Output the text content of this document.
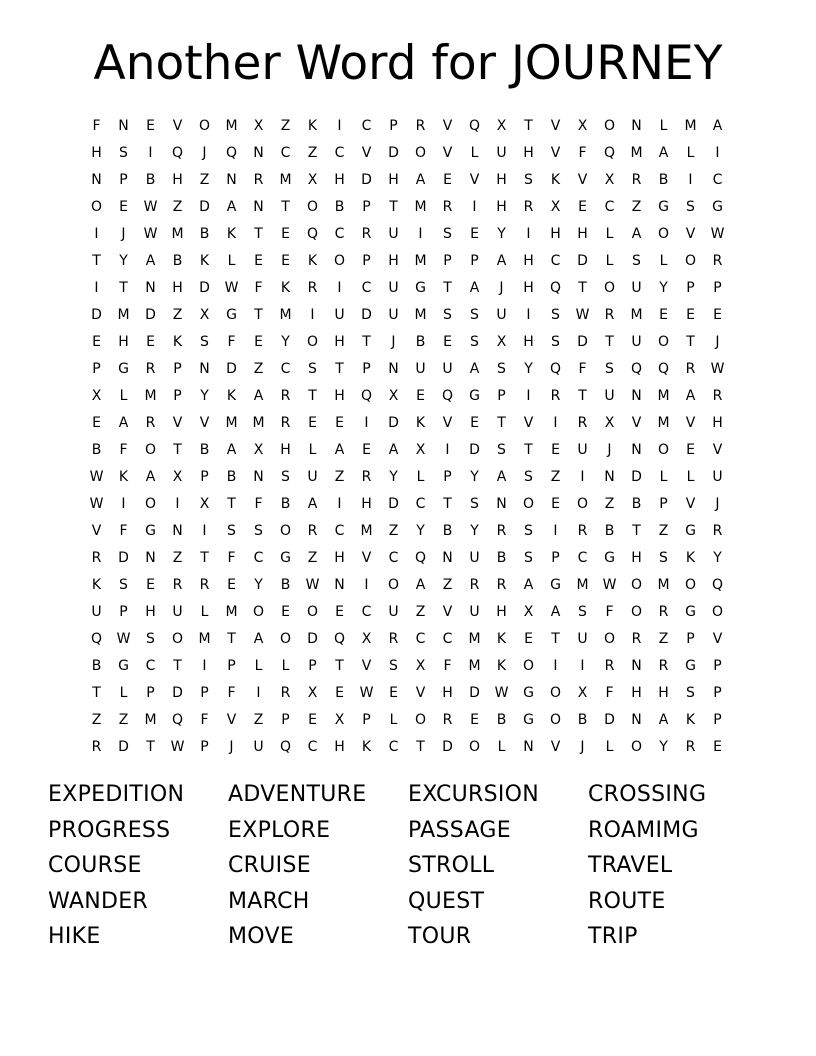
Another Word for JOURNEY
F	N	E	V	O	M	X	Z	K	I	C	P	R	V	Q	X	T	V	X	O	N	L	M	A
H	S	I	Q	J	Q	N	C	Z	C	V	D	O	V	L	U	H	V	F	Q	M	A	L	I
N	P	B	H	Z	N	R	M	X	H	D	H	A	E	V	H	S	K	V	X	R	B	I	C
O	E	W	Z	D	A	N	T	O	B	P	T	M	R	I	H	R	X	E	C	Z	G	S	G
I	J	W	M	B	K	T	E	Q	C	R	U	I	S	E	Y	I	H	H	L	A	O	V	W
T	Y	A	B	K	L	E	E	K	O	P	H	M	P	P	A	H	C	D	L	S	L	O	R
I	T	N	H	D	W	F	K	R	I	C	U	G	T	A	J	H	Q	T	O	U	Y	P	P
D	M	D	Z	X	G	T	M	I	U	D	U	M	S	S	U	I	S	W	R	M	E	E	E
E	H	E	K	S	F	E	Y	O	H	T	J	B	E	S	X	H	S	D	T	U	O	T	J
P	G	R	P	N	D	Z	C	S	T	P	N	U	U	A	S	Y	Q	F	S	Q	Q	R	W
X	L	M	P	Y	K	A	R	T	H	Q	X	E	Q	G	P	I	R	T	U	N	M	A	R
E	A	R	V	V	M	M	R	E	E	I	D	K	V	E	T	V	I	R	X	V	M	V	H
B	F	O	T	B	A	X	H	L	A	E	A	X	I	D	S	T	E	U	J	N	O	E	V
W	K	A	X	P	B	N	S	U	Z	R	Y	L	P	Y	A	S	Z	I	N	D	L	L	U
W	I	O	I	X	T	F	B	A	I	H	D	C	T	S	N	O	E	O	Z	B	P	V	J
V	F	G	N	I	S	S	O	R	C	M	Z	Y	B	Y	R	S	I	R	B	T	Z	G	R
R	D	N	Z	T	F	C	G	Z	H	V	C	Q	N	U	B	S	P	C	G	H	S	K	Y
K	S	E	R	R	E	Y	B	W	N	I	O	A	Z	R	R	A	G	M	W	O	M	O	Q
U	P	H	U	L	M	O	E	O	E	C	U	Z	V	U	H	X	A	S	F	O	R	G	O
Q	W	S	O	M	T	A	O	D	Q	X	R	C	C	M	K	E	T	U	O	R	Z	P	V
B	G	C	T	I	P	L	L	P	T	V	S	X	F	M	K	O	I	I	R	N	R	G	P
T	L	P	D	P	F	I	R	X	E	W	E	V	H	D	W	G	O	X	F	H	H	S	P
Z	Z	M	Q	F	V	Z	P	E	X	P	L	O	R	E	B	G	O	B	D	N	A	K	P
R	D	T	W	P	J	U	Q	C	H	K	C	T	D	O	L	N	V	J	L	O	Y	R	E
EXPEDITION	ADVENTURE	EXCURSION	CROSSING
PROGRESS	EXPLORE	PASSAGE	ROAMIMG
COURSE	CRUISE	STROLL	TRAVEL
WANDER	MARCH	QUEST	ROUTE
HIKE	MOVE	TOUR	TRIP
